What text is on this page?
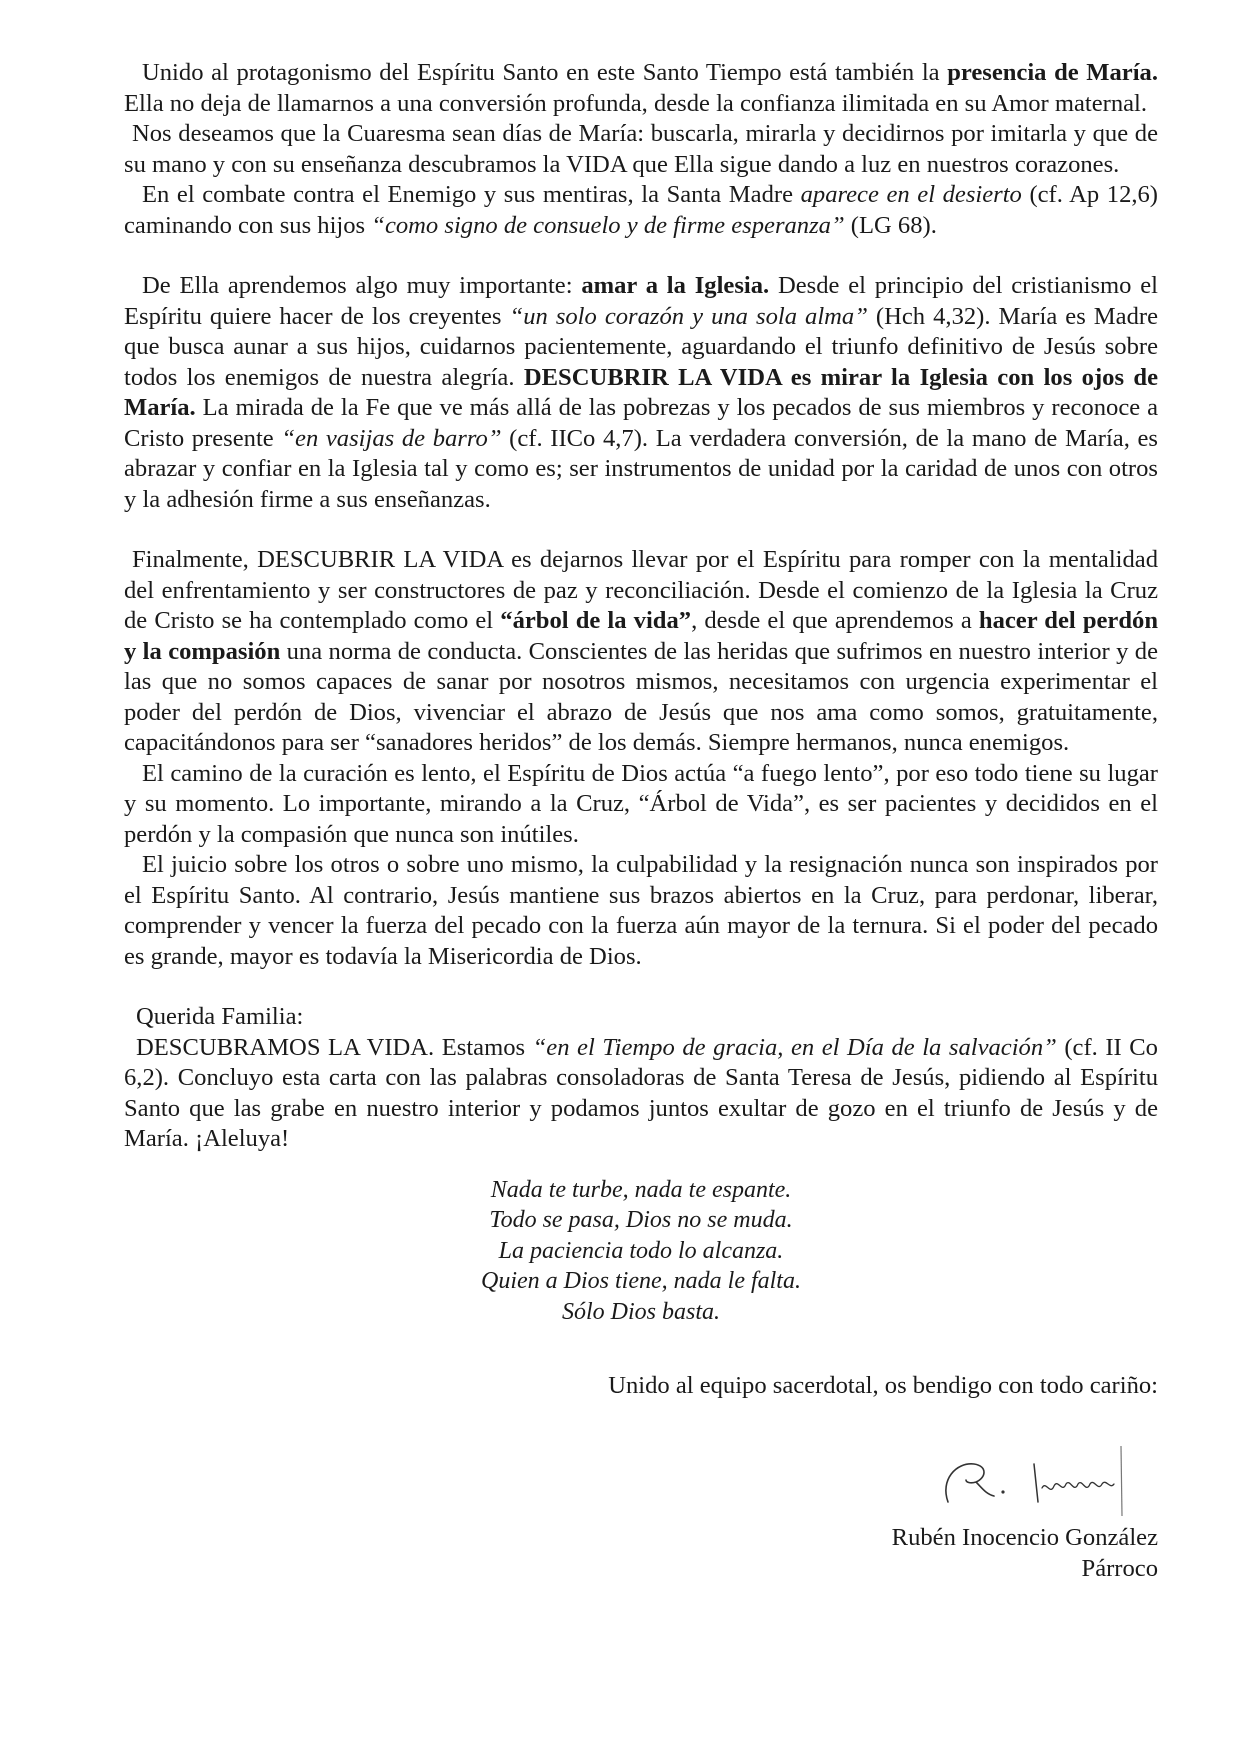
Unido al protagonismo del Espíritu Santo en este Santo Tiempo está también la presencia de María. Ella no deja de llamarnos a una conversión profunda, desde la confianza ilimitada en su Amor maternal.

Nos deseamos que la Cuaresma sean días de María: buscarla, mirarla y decidirnos por imitarla y que de su mano y con su enseñanza descubramos la VIDA que Ella sigue dando a luz en nuestros corazones.

En el combate contra el Enemigo y sus mentiras, la Santa Madre aparece en el desierto (cf. Ap 12,6) caminando con sus hijos “como signo de consuelo y de firme esperanza” (LG 68).

De Ella aprendemos algo muy importante: amar a la Iglesia. Desde el principio del cristianismo el Espíritu quiere hacer de los creyentes “un solo corazón y una sola alma” (Hch 4,32). María es Madre que busca aunar a sus hijos, cuidarnos pacientemente, aguardando el triunfo definitivo de Jesús sobre todos los enemigos de nuestra alegría. DESCUBRIR LA VIDA es mirar la Iglesia con los ojos de María. La mirada de la Fe que ve más allá de las pobrezas y los pecados de sus miembros y reconoce a Cristo presente “en vasijas de barro” (cf. IICo 4,7). La verdadera conversión, de la mano de María, es abrazar y confiar en la Iglesia tal y como es; ser instrumentos de unidad por la caridad de unos con otros y la adhesión firme a sus enseñanzas.

Finalmente, DESCUBRIR LA VIDA es dejarnos llevar por el Espíritu para romper con la mentalidad del enfrentamiento y ser constructores de paz y reconciliación. Desde el comienzo de la Iglesia la Cruz de Cristo se ha contemplado como el “árbol de la vida”, desde el que aprendemos a hacer del perdón y la compasión una norma de conducta. Conscientes de las heridas que sufrimos en nuestro interior y de las que no somos capaces de sanar por nosotros mismos, necesitamos con urgencia experimentar el poder del perdón de Dios, vivenciar el abrazo de Jesús que nos ama como somos, gratuitamente, capacitándonos para ser “sanadores heridos” de los demás. Siempre hermanos, nunca enemigos.

El camino de la curación es lento, el Espíritu de Dios actúa “a fuego lento”, por eso todo tiene su lugar y su momento. Lo importante, mirando a la Cruz, “Árbol de Vida”, es ser pacientes y decididos en el perdón y la compasión que nunca son inútiles.

El juicio sobre los otros o sobre uno mismo, la culpabilidad y la resignación nunca son inspirados por el Espíritu Santo. Al contrario, Jesús mantiene sus brazos abiertos en la Cruz, para perdonar, liberar, comprender y vencer la fuerza del pecado con la fuerza aún mayor de la ternura. Si el poder del pecado es grande, mayor es todavía la Misericordia de Dios.

Querida Familia:

DESCUBRAMOS LA VIDA. Estamos “en el Tiempo de gracia, en el Día de la salvación” (cf. II Co 6,2). Concluyo esta carta con las palabras consoladoras de Santa Teresa de Jesús, pidiendo al Espíritu Santo que las grabe en nuestro interior y podamos juntos exultar de gozo en el triunfo de Jesús y de María. ¡Aleluya!

Nada te turbe, nada te espante.
Todo se pasa, Dios no se muda.
La paciencia todo lo alcanza.
Quien a Dios tiene, nada le falta.
Sólo Dios basta.

Unido al equipo sacerdotal, os bendigo con todo cariño:

Rubén Inocencio González
Párroco
